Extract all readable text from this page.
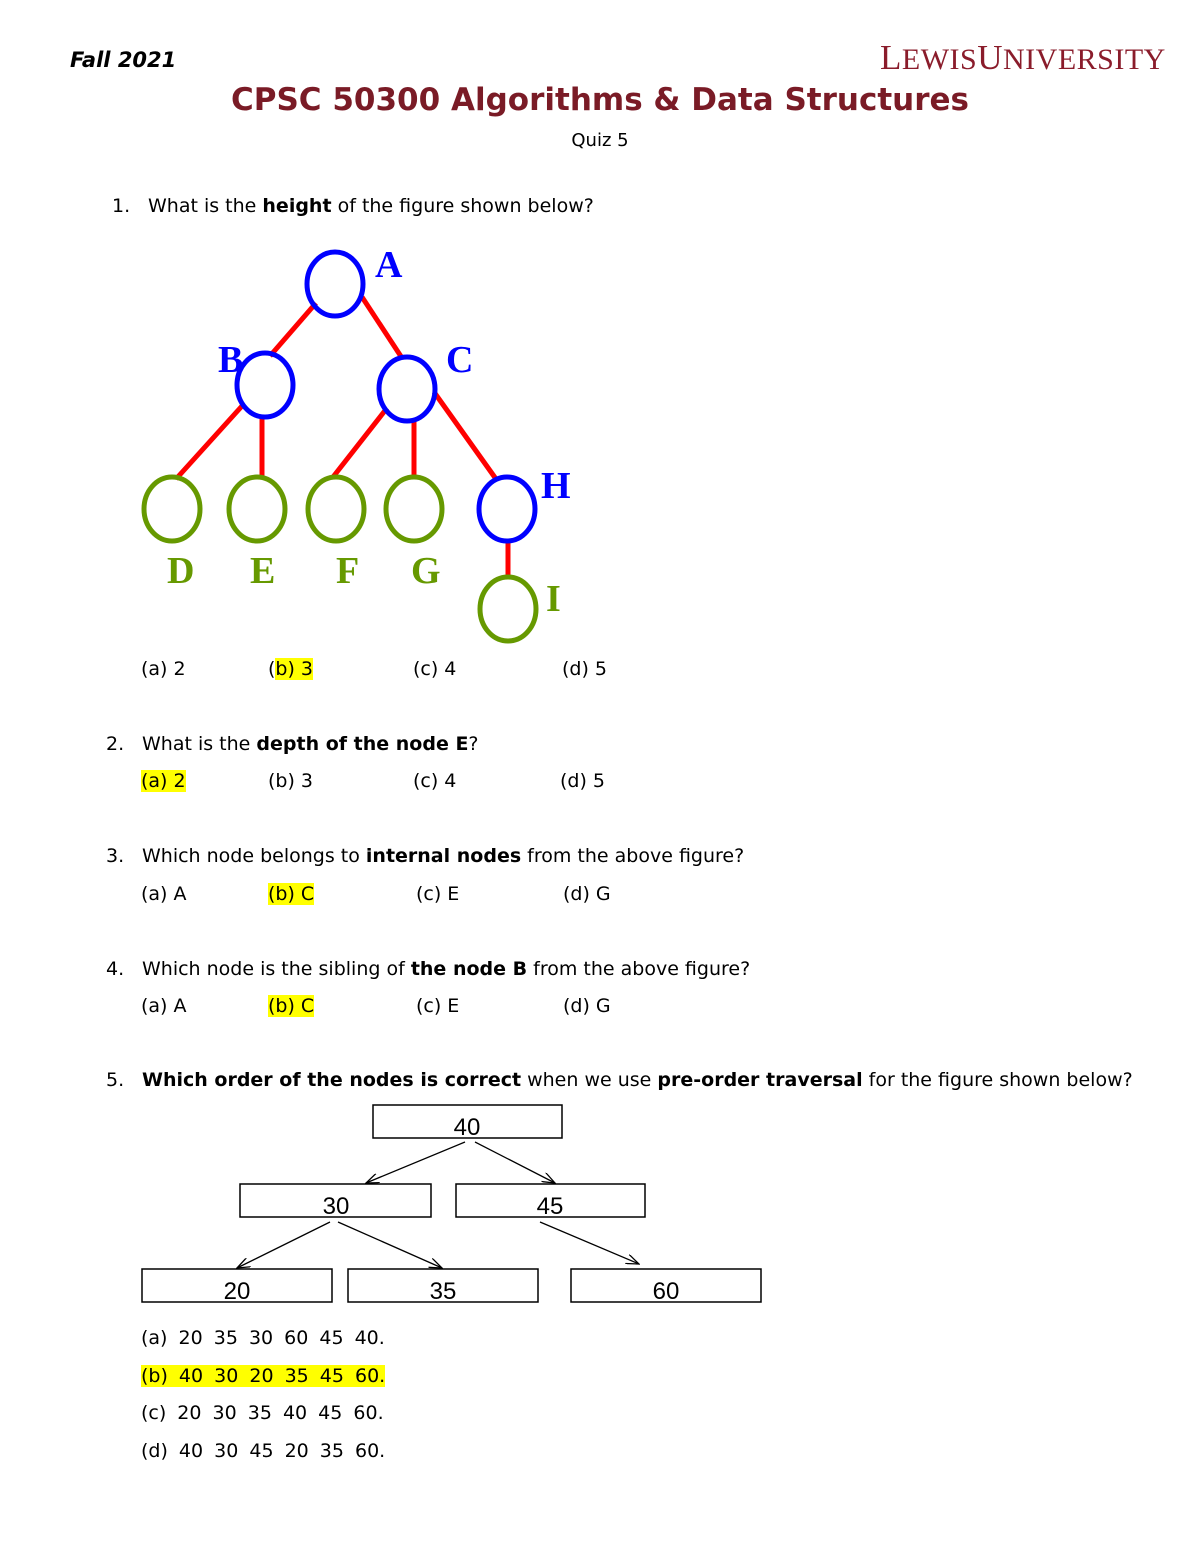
Fall 2021	LEWISUNIVERSITY
CPSC 50300 Algorithms & Data Structures
Quiz 5
1. What is the height of the figure shown below?
A
B	C
D E F G
H
I
(a) 2	(b) 3	(c) 4	(d) 5
2. What is the depth of the node E?
(a) 2	(b) 3	(c) 4	(d) 5
3. Which node belongs to internal nodes from the above figure?
(a) A	(b) C	(c) E	(d) G
4. Which node is the sibling of the node B from the above figure?
(a) A	(b) C	(c) E	(d) G
5. Which order of the nodes is correct when we use pre-order traversal for the figure shown below?
40
30	45
20	35	60
(a) 20 35 30 60 45 40.
(b) 40 30 20 35 45 60.
(c) 20 30 35 40 45 60.
(d) 40 30 45 20 35 60.
